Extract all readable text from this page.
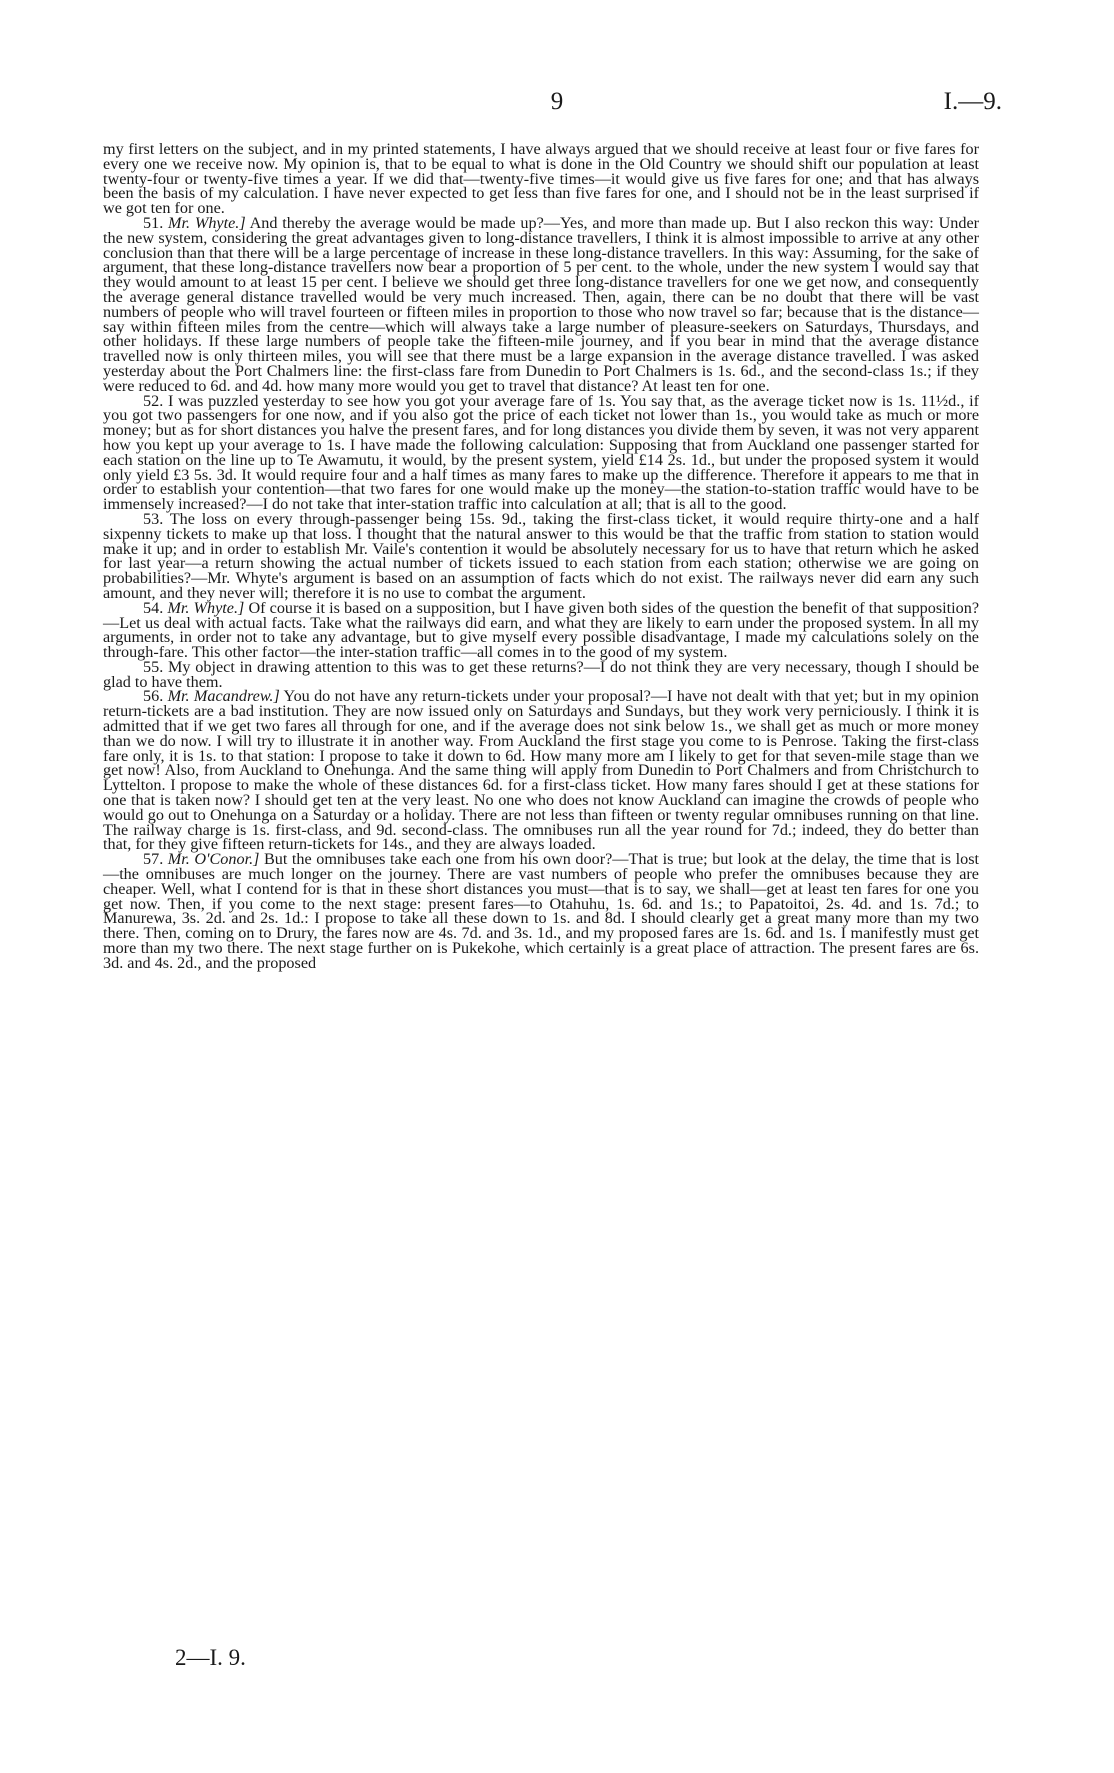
9	I.—9.

my first letters on the subject, and in my printed statements, I have always argued that we should receive at least four or five fares for every one we receive now. My opinion is, that to be equal to what is done in the Old Country we should shift our population at least twenty-four or twenty-five times a year. If we did that—twenty-five times—it would give us five fares for one; and that has always been the basis of my calculation. I have never expected to get less than five fares for one, and I should not be in the least surprised if we got ten for one.

51. Mr. Whyte.] And thereby the average would be made up?—Yes, and more than made up. But I also reckon this way: Under the new system, considering the great advantages given to long-distance travellers, I think it is almost impossible to arrive at any other conclusion than that there will be a large percentage of increase in these long-distance travellers. In this way: Assuming, for the sake of argument, that these long-distance travellers now bear a proportion of 5 per cent. to the whole, under the new system I would say that they would amount to at least 15 per cent. I believe we should get three long-distance travellers for one we get now, and consequently the average general distance travelled would be very much increased. Then, again, there can be no doubt that there will be vast numbers of people who will travel fourteen or fifteen miles in proportion to those who now travel so far; because that is the distance—say within fifteen miles from the centre—which will always take a large number of pleasure-seekers on Saturdays, Thursdays, and other holidays. If these large numbers of people take the fifteen-mile journey, and if you bear in mind that the average distance travelled now is only thirteen miles, you will see that there must be a large expansion in the average distance travelled. I was asked yesterday about the Port Chalmers line: the first-class fare from Dunedin to Port Chalmers is 1s. 6d., and the second-class 1s.; if they were reduced to 6d. and 4d. how many more would you get to travel that distance? At least ten for one.

52. I was puzzled yesterday to see how you got your average fare of 1s. You say that, as the average ticket now is 1s. 11½d., if you got two passengers for one now, and if you also got the price of each ticket not lower than 1s., you would take as much or more money; but as for short distances you halve the present fares, and for long distances you divide them by seven, it was not very apparent how you kept up your average to 1s. I have made the following calculation: Supposing that from Auckland one passenger started for each station on the line up to Te Awamutu, it would, by the present system, yield £14 2s. 1d., but under the proposed system it would only yield £3 5s. 3d. It would require four and a half times as many fares to make up the difference. Therefore it appears to me that in order to establish your contention—that two fares for one would make up the money—the station-to-station traffic would have to be immensely increased?—I do not take that inter-station traffic into calculation at all; that is all to the good.

53. The loss on every through-passenger being 15s. 9d., taking the first-class ticket, it would require thirty-one and a half sixpenny tickets to make up that loss. I thought that the natural answer to this would be that the traffic from station to station would make it up; and in order to establish Mr. Vaile's contention it would be absolutely necessary for us to have that return which he asked for last year—a return showing the actual number of tickets issued to each station from each station; otherwise we are going on probabilities?—Mr. Whyte's argument is based on an assumption of facts which do not exist. The railways never did earn any such amount, and they never will; therefore it is no use to combat the argument.

54. Mr. Whyte.] Of course it is based on a supposition, but I have given both sides of the question the benefit of that supposition?—Let us deal with actual facts. Take what the railways did earn, and what they are likely to earn under the proposed system. In all my arguments, in order not to take any advantage, but to give myself every possible disadvantage, I made my calculations solely on the through-fare. This other factor—the inter-station traffic—all comes in to the good of my system.

55. My object in drawing attention to this was to get these returns?—I do not think they are very necessary, though I should be glad to have them.

56. Mr. Macandrew.] You do not have any return-tickets under your proposal?—I have not dealt with that yet; but in my opinion return-tickets are a bad institution. They are now issued only on Saturdays and Sundays, but they work very perniciously. I think it is admitted that if we get two fares all through for one, and if the average does not sink below 1s., we shall get as much or more money than we do now. I will try to illustrate it in another way. From Auckland the first stage you come to is Penrose. Taking the first-class fare only, it is 1s. to that station: I propose to take it down to 6d. How many more am I likely to get for that seven-mile stage than we get now! Also, from Auckland to Onehunga. And the same thing will apply from Dunedin to Port Chalmers and from Christchurch to Lyttelton. I propose to make the whole of these distances 6d. for a first-class ticket. How many fares should I get at these stations for one that is taken now? I should get ten at the very least. No one who does not know Auckland can imagine the crowds of people who would go out to Onehunga on a Saturday or a holiday. There are not less than fifteen or twenty regular omnibuses running on that line. The railway charge is 1s. first-class, and 9d. second-class. The omnibuses run all the year round for 7d.; indeed, they do better than that, for they give fifteen return-tickets for 14s., and they are always loaded.

57. Mr. O'Conor.] But the omnibuses take each one from his own door?—That is true; but look at the delay, the time that is lost—the omnibuses are much longer on the journey. There are vast numbers of people who prefer the omnibuses because they are cheaper. Well, what I contend for is that in these short distances you must—that is to say, we shall—get at least ten fares for one you get now. Then, if you come to the next stage: present fares—to Otahuhu, 1s. 6d. and 1s.; to Papatoitoi, 2s. 4d. and 1s. 7d.; to Manurewa, 3s. 2d. and 2s. 1d.: I propose to take all these down to 1s. and 8d. I should clearly get a great many more than my two there. Then, coming on to Drury, the fares now are 4s. 7d. and 3s. 1d., and my proposed fares are 1s. 6d. and 1s. I manifestly must get more than my two there. The next stage further on is Pukekohe, which certainly is a great place of attraction. The present fares are 6s. 3d. and 4s. 2d., and the proposed

2—I. 9.
